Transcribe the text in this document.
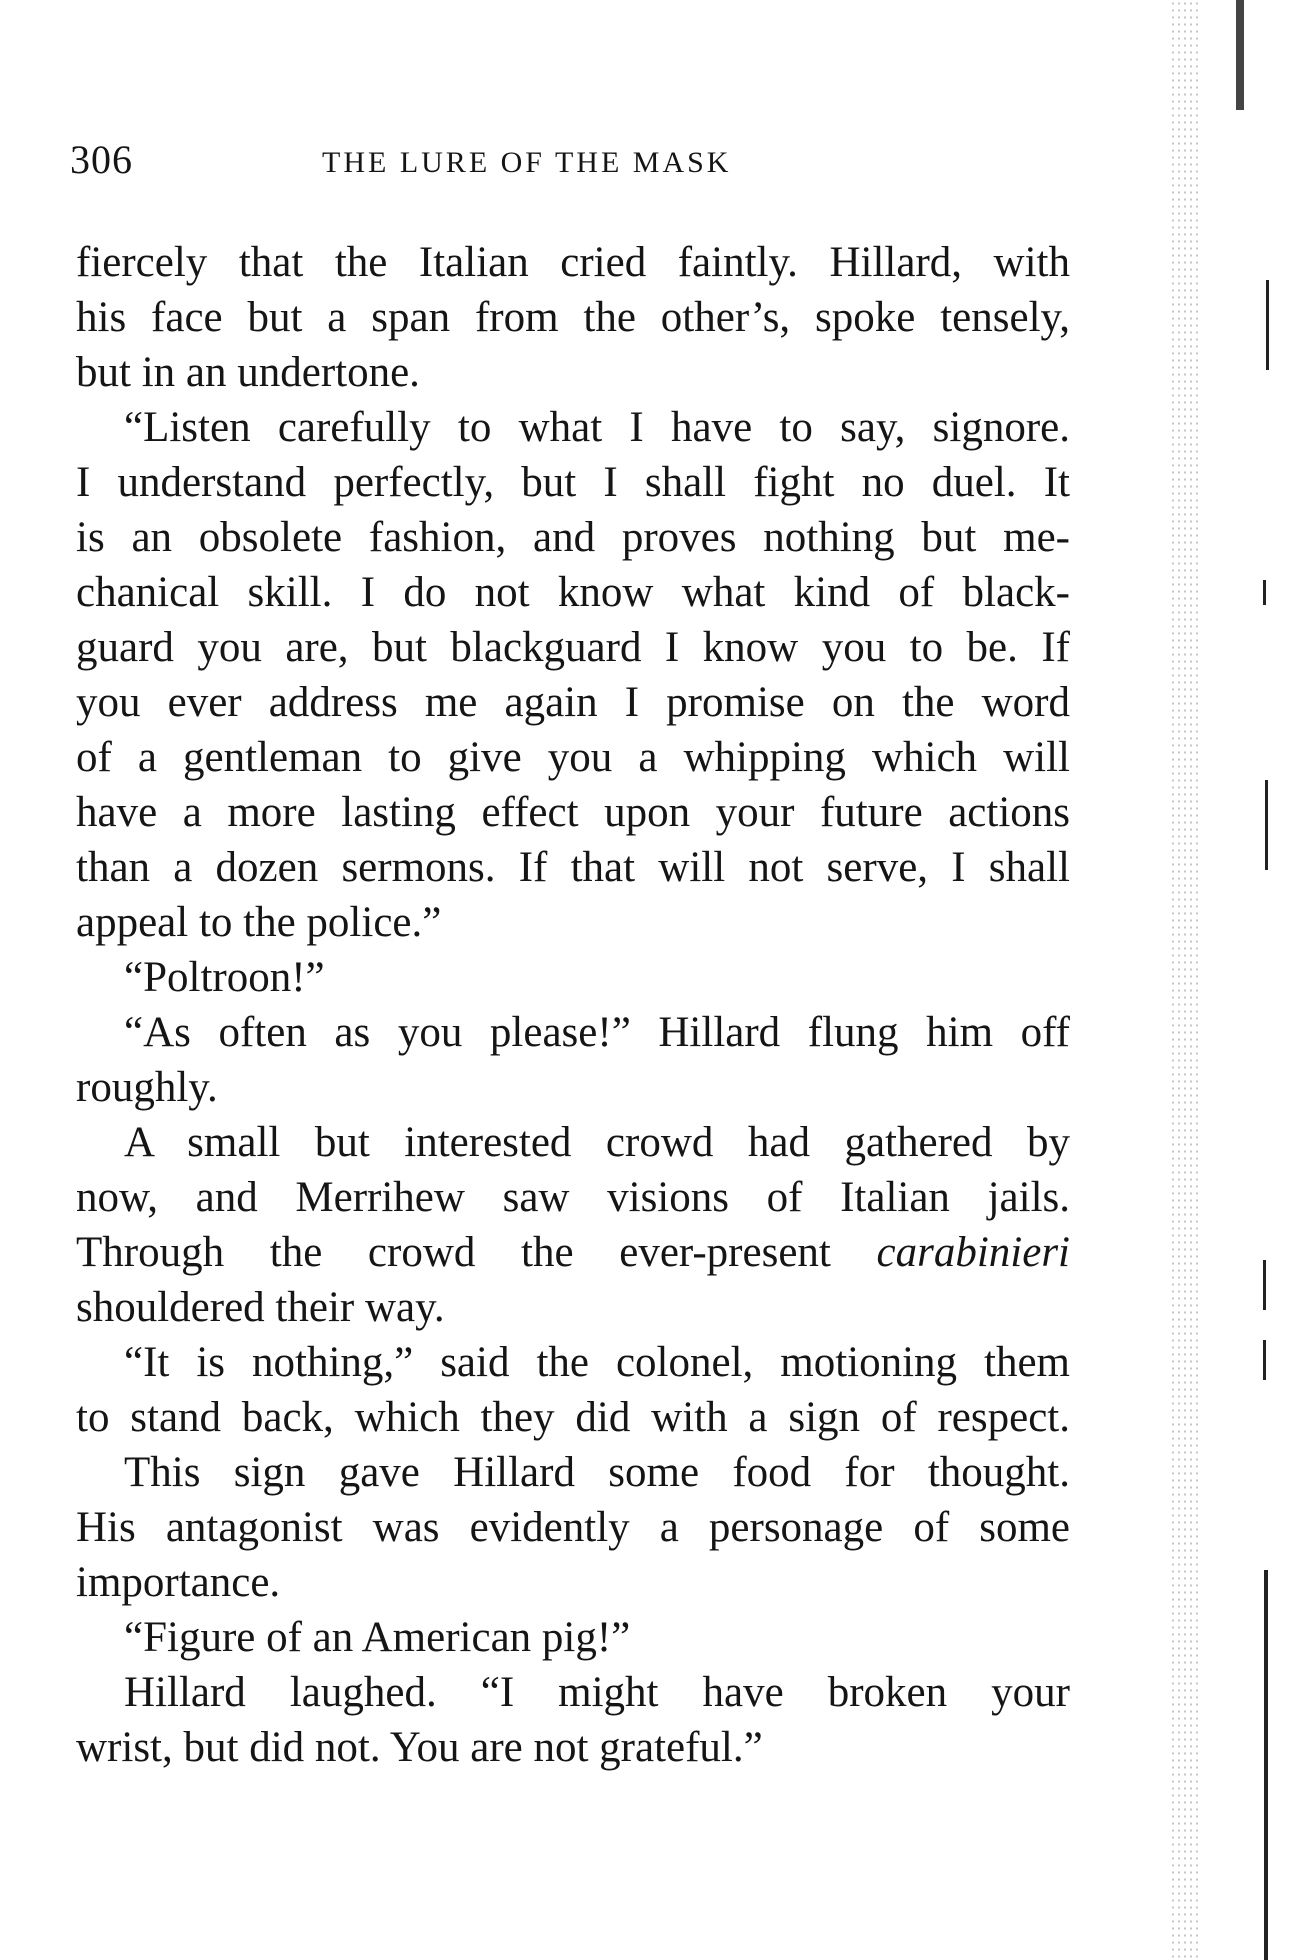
306	THE LURE OF THE MASK
fiercely that the Italian cried faintly. Hillard, with
his face but a span from the other’s, spoke tensely,
but in an undertone.
“Listen carefully to what I have to say, signore.
I understand perfectly, but I shall fight no duel. It
is an obsolete fashion, and proves nothing but me-
chanical skill. I do not know what kind of black-
guard you are, but blackguard I know you to be. If
you ever address me again I promise on the word
of a gentleman to give you a whipping which will
have a more lasting effect upon your future actions
than a dozen sermons. If that will not serve, I shall
appeal to the police.”
“Poltroon!”
“As often as you please!” Hillard flung him off
roughly.
A small but interested crowd had gathered by
now, and Merrihew saw visions of Italian jails.
Through the crowd the ever-present carabinieri
shouldered their way.
“It is nothing,” said the colonel, motioning them
to stand back, which they did with a sign of respect.
This sign gave Hillard some food for thought.
His antagonist was evidently a personage of some
importance.
“Figure of an American pig!”
Hillard laughed. “I might have broken your
wrist, but did not. You are not grateful.”
